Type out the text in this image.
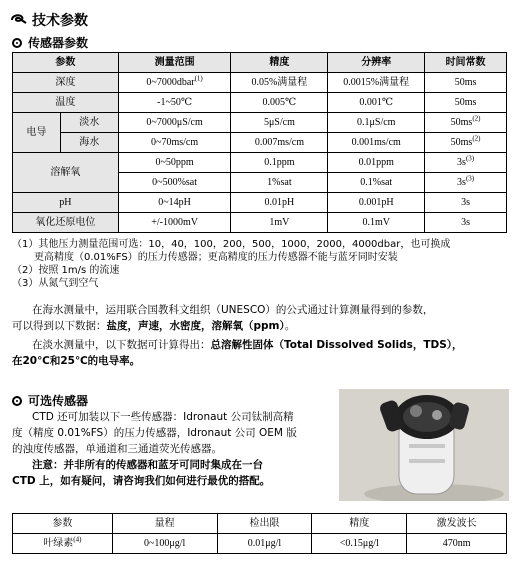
技术参数
传感器参数
参数		测量范围	精度	分辨率	时间常数
深度		0~7000dbar$^{(1)}$	0.05%满量程	0.0015%满量程	50ms
温度		-1~50℃	0.005℃	0.001℃	50ms
电导	淡水	0~7000μS/cm	5μS/cm	0.1μS/cm	$50ms^{(2)}$
	海水	0~70ms/cm	0.007ms/cm	0.001ms/cm	$50ms^{(2)}$
溶解氧		0~50ppm	0.1ppm	0.01ppm	$3s^{(3)}$
		0~500%sat	1%sat	0.1%sat	$3s^{(3)}$
pH		0~14pH	0.01pH	0.001pH	3s
氧化还原电位		+/-1000mV	1mV	0.1mV	3s
（1）其他压力测量范围可选：10，40，100，200，500，1000，2000，4000dbar，也可换成
更高精度（0.01%FS）的压力传感器；更高精度的压力传感器不能与蓝牙同时安装
（2）按照 1m/s 的流速
（3）从氮气到空气
在海水测量中，运用联合国教科文组织（UNESCO）的公式通过计算测量得到的参数，
可以得到以下数据：盐度，声速，水密度，溶解氧（ppm）。
在淡水测量中，以下数据可计算得出：总溶解性固体（Total Dissolved Solids，TDS），
在20℃和25℃的电导率。
可选传感器
CTD 还可加装以下一些传感器：Idronaut 公司钛制高精
度（精度 0.01%FS）的压力传感器，Idronaut 公司 OEM 版
的浊度传感器，单通道和三通道荧光传感器。
注意：并非所有的传感器和蓝牙可同时集成在一台
CTD 上，如有疑问，请咨询我们如何进行最优的搭配。
参数	量程	检出限	精度	激发波长
叶绿素$^{(4)}$	0~100μg/l	0.01μg/l	<0.15μg/l	470nm
